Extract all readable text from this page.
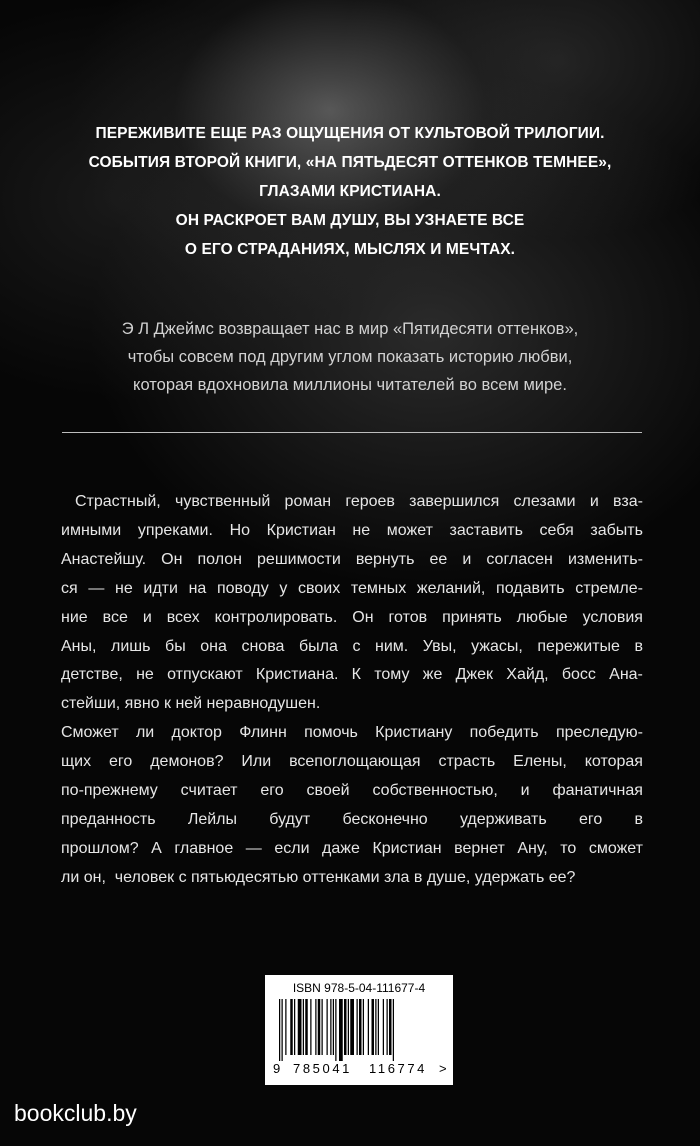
ПЕРЕЖИВИТЕ ЕЩЕ РАЗ ОЩУЩЕНИЯ ОТ КУЛЬТОВОЙ ТРИЛОГИИ.
СОБЫТИЯ ВТОРОЙ КНИГИ, «НА ПЯТЬДЕСЯТ ОТТЕНКОВ ТЕМНЕЕ»,
ГЛАЗАМИ КРИСТИАНА.
ОН РАСКРОЕТ ВАМ ДУШУ, ВЫ УЗНАЕТЕ ВСЕ
О ЕГО СТРАДАНИЯХ, МЫСЛЯХ И МЕЧТАХ.
Э Л Джеймс возвращает нас в мир «Пятидесяти оттенков»,
чтобы совсем под другим углом показать историю любви,
которая вдохновила миллионы читателей во всем мире.
Страстный, чувственный роман героев завершился слезами и вза-
имными упреками. Но Кристиан не может заставить себя забыть
Анастейшу. Он полон решимости вернуть ее и согласен изменить-
ся — не идти на поводу у своих темных желаний, подавить стремле-
ние все и всех контролировать. Он готов принять любые условия
Аны, лишь бы она снова была с ним. Увы, ужасы, пережитые в
детстве, не отпускают Кристиана. К тому же Джек Хайд, босс Ана-
стейши, явно к ней неравнодушен.
Сможет ли доктор Флинн помочь Кристиану победить преследую-
щих его демонов? Или всепоглощающая страсть Елены, которая
по-прежнему считает его своей собственностью, и фанатичная
преданность Лейлы будут бесконечно удерживать его в
прошлом? А главное — если даже Кристиан вернет Ану, то сможет
ли он,  человек с пятьюдесятью оттенками зла в душе, удержать ее?
ISBN 978-5-04-111677-4
9 785041 116774 >
bookclub.by
